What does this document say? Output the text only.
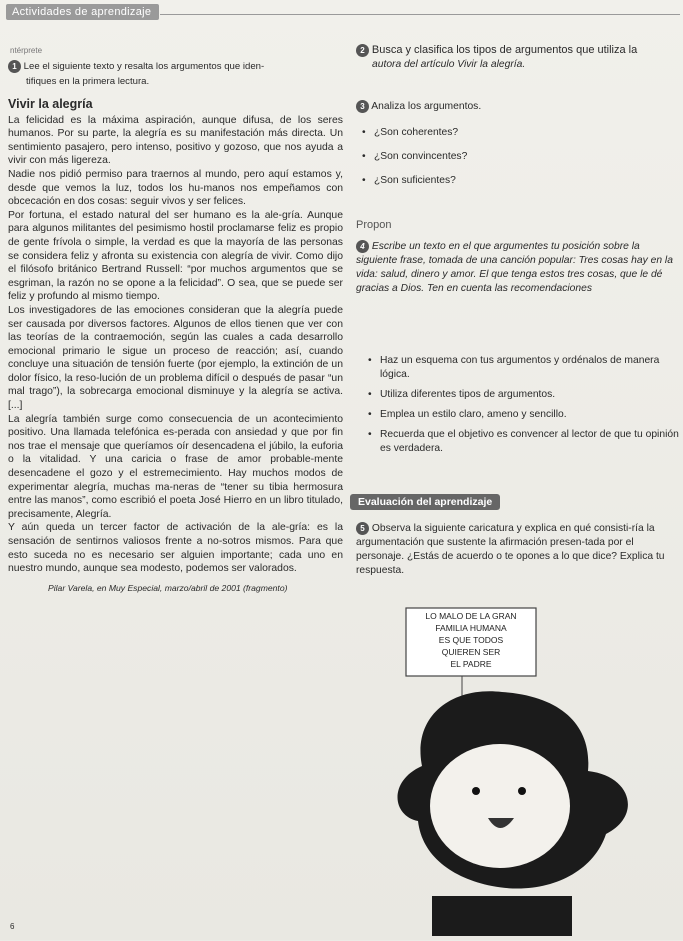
Actividades de aprendizaje
ntérprete
1 Lee el siguiente texto y resalta los argumentos que iden-
tifiques en la primera lectura.
Vivir la alegría

La felicidad es la máxima aspiración, aunque difusa, de los seres humanos. Por su parte, la alegría es su manifestación más directa. Un sentimiento pasajero, pero intenso, positivo y gozoso, que nos ayuda a vivir con más ligereza.

Nadie nos pidió permiso para traernos al mundo, pero aquí estamos y, desde que vemos la luz, todos los hu-manos nos empeñamos con obcecación en dos cosas: seguir vivos y ser felices.

Por fortuna, el estado natural del ser humano es la ale-gría. Aunque para algunos militantes del pesimismo hostil proclamarse feliz es propio de gente frívola o simple, la verdad es que la mayoría de las personas se considera feliz y afronta su existencia con alegría de vivir. Como dijo el filósofo británico Bertrand Russell: “por muchos argumentos que se esgriman, la razón no se opone a la felicidad”. O sea, que se puede ser feliz y profundo al mismo tiempo.

Los investigadores de las emociones consideran que la alegría puede ser causada por diversos factores. Algunos de ellos tienen que ver con las teorías de la contraemoción, según las cuales a cada desarrollo emocional primario le sigue un proceso de reacción; así, cuando concluye una situación de tensión fuerte (por ejemplo, la extinción de un dolor físico, la reso-lución de un problema difícil o después de pasar “un mal trago”), la sobrecarga emocional disminuye y la alegría se activa. [...]

La alegría también surge como consecuencia de un acontecimiento positivo. Una llamada telefónica es-perada con ansiedad y que por fin nos trae el mensaje que queríamos oír desencadena el júbilo, la euforia o la vitalidad. Y una caricia o frase de amor probable-mente desencadene el gozo y el estremecimiento. Hay muchos modos de experimentar alegría, muchas ma-neras de “tener su tibia hermosura entre las manos”, como escribió el poeta José Hierro en un libro titulado, precisamente, Alegría.

Y aún queda un tercer factor de activación de la ale-gría: es la sensación de sentirnos valiosos frente a no-sotros mismos. Para que esto suceda no es necesario ser alguien importante; cada uno en nuestro mundo, aunque sea modesto, podemos ser valorados.

Pilar Varela, en Muy Especial, marzo/abril de 2001 (fragmento)
2 Busca y clasifica los tipos de argumentos que utiliza la
autora del artículo Vivir la alegría.
3 Analiza los argumentos.
• ¿Son coherentes?
• ¿Son convincentes?
• ¿Son suficientes?
Propon
4 Escribe un texto en el que argumentes tu posición sobre la siguiente frase, tomada de una canción popular: Tres cosas hay en la vida: salud, dinero y amor. El que tenga estos tres cosas, que le dé gracias a Dios. Ten en cuenta las recomendaciones
• Haz un esquema con tus argumentos y ordénalos de manera lógica.
• Utiliza diferentes tipos de argumentos.
• Emplea un estilo claro, ameno y sencillo.
• Recuerda que el objetivo es convencer al lector de que tu opinión es verdadera.
Evaluación del aprendizaje
5 Observa la siguiente caricatura y explica en qué consisti-ría la argumentación que sustente la afirmación presen-tada por el personaje. ¿Estás de acuerdo o te opones a lo que dice? Explica tu respuesta.
LO MALO DE LA GRAN
FAMILIA HUMANA
ES QUE TODOS
QUIEREN SER
EL PADRE
6
